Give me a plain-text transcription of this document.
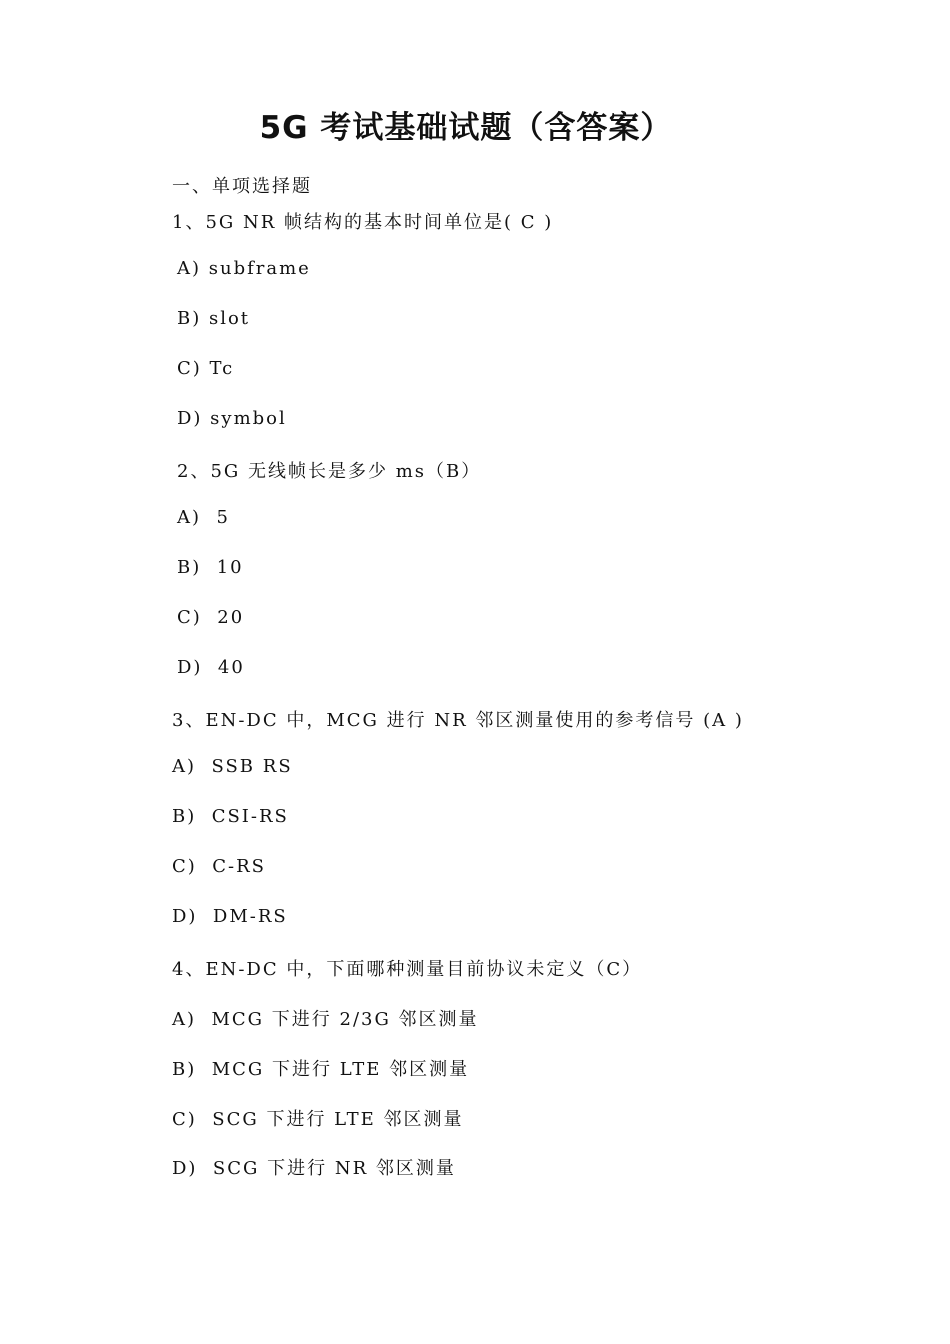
5G 考试基础试题（含答案）

一、单项选择题

1、5G NR 帧结构的基本时间单位是( C )

A) subframe

B) slot

C) Tc

D) symbol

2、5G 无线帧长是多少 ms（B）

A)  5

B)  10

C)  20

D)  40

3、EN-DC 中，MCG 进行 NR 邻区测量使用的参考信号 (A )

A)  SSB RS

B)  CSI-RS

C)  C-RS

D)  DM-RS

4、EN-DC 中，下面哪种测量目前协议未定义（C）

A)  MCG 下进行 2/3G 邻区测量

B)  MCG 下进行 LTE 邻区测量

C)  SCG 下进行 LTE 邻区测量

D)  SCG 下进行 NR 邻区测量
